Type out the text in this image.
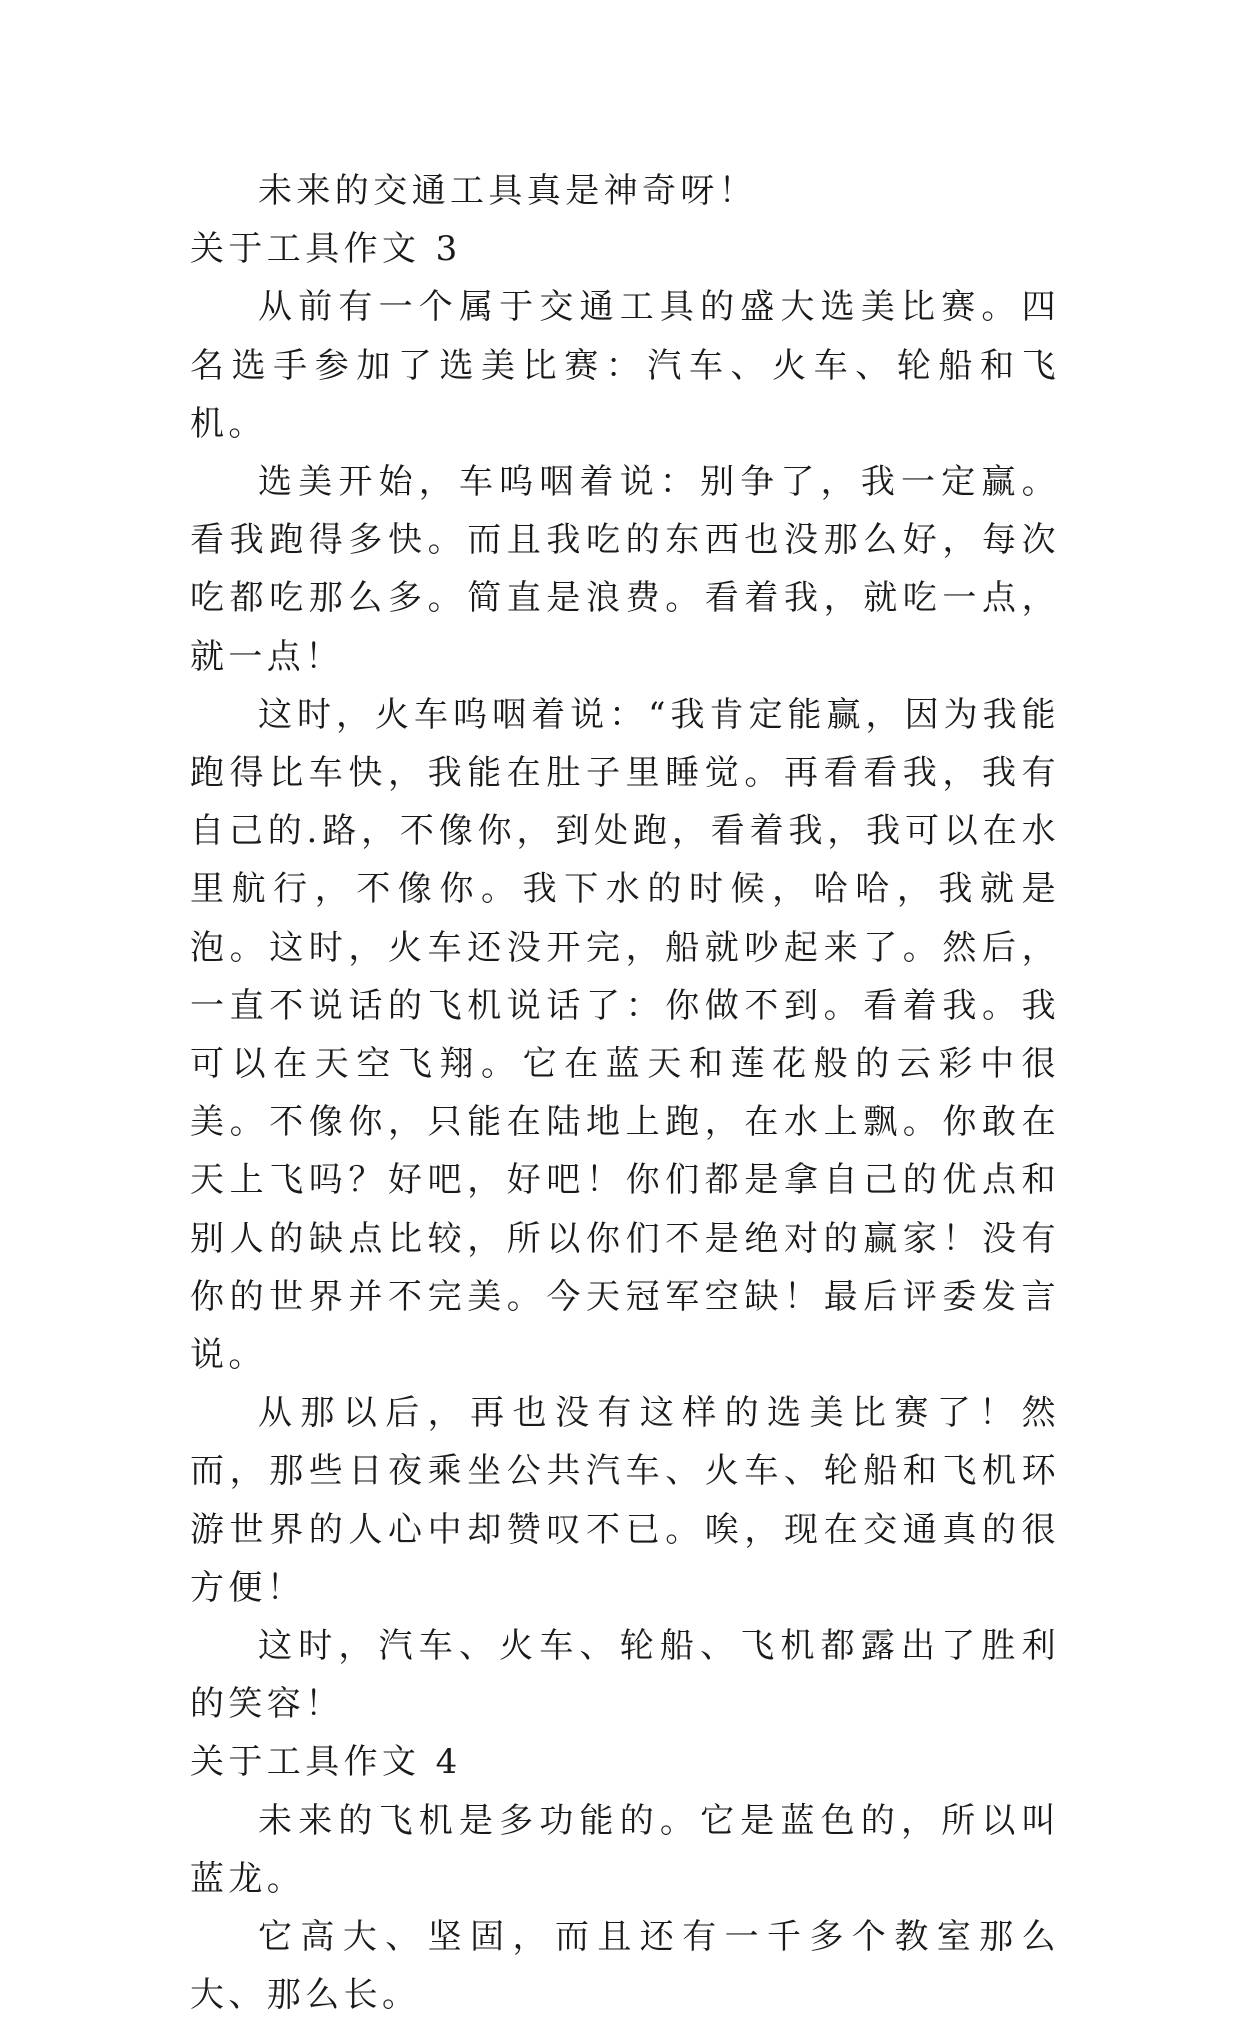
未来的交通工具真是神奇呀！

关于工具作文 3

从前有一个属于交通工具的盛大选美比赛。四名选手参加了选美比赛：汽车、火车、轮船和飞机。

选美开始，车呜咽着说：别争了，我一定赢。看我跑得多快。而且我吃的东西也没那么好，每次吃都吃那么多。简直是浪费。看着我，就吃一点，就一点！

这时，火车呜咽着说：“我肯定能赢，因为我能跑得比车快，我能在肚子里睡觉。再看看我，我有自己的.路，不像你，到处跑，看着我，我可以在水里航行，不像你。我下水的时候，哈哈，我就是泡。这时，火车还没开完，船就吵起来了。然后，一直不说话的飞机说话了：你做不到。看着我。我可以在天空飞翔。它在蓝天和莲花般的云彩中很美。不像你，只能在陆地上跑，在水上飘。你敢在天上飞吗？好吧，好吧！你们都是拿自己的优点和别人的缺点比较，所以你们不是绝对的赢家！没有你的世界并不完美。今天冠军空缺！最后评委发言说。

从那以后，再也没有这样的选美比赛了！然而，那些日夜乘坐公共汽车、火车、轮船和飞机环游世界的人心中却赞叹不已。唉，现在交通真的很方便！

这时，汽车、火车、轮船、飞机都露出了胜利的笑容！

关于工具作文 4

未来的飞机是多功能的。它是蓝色的，所以叫蓝龙。

它高大、坚固，而且还有一千多个教室那么大、那么长。
